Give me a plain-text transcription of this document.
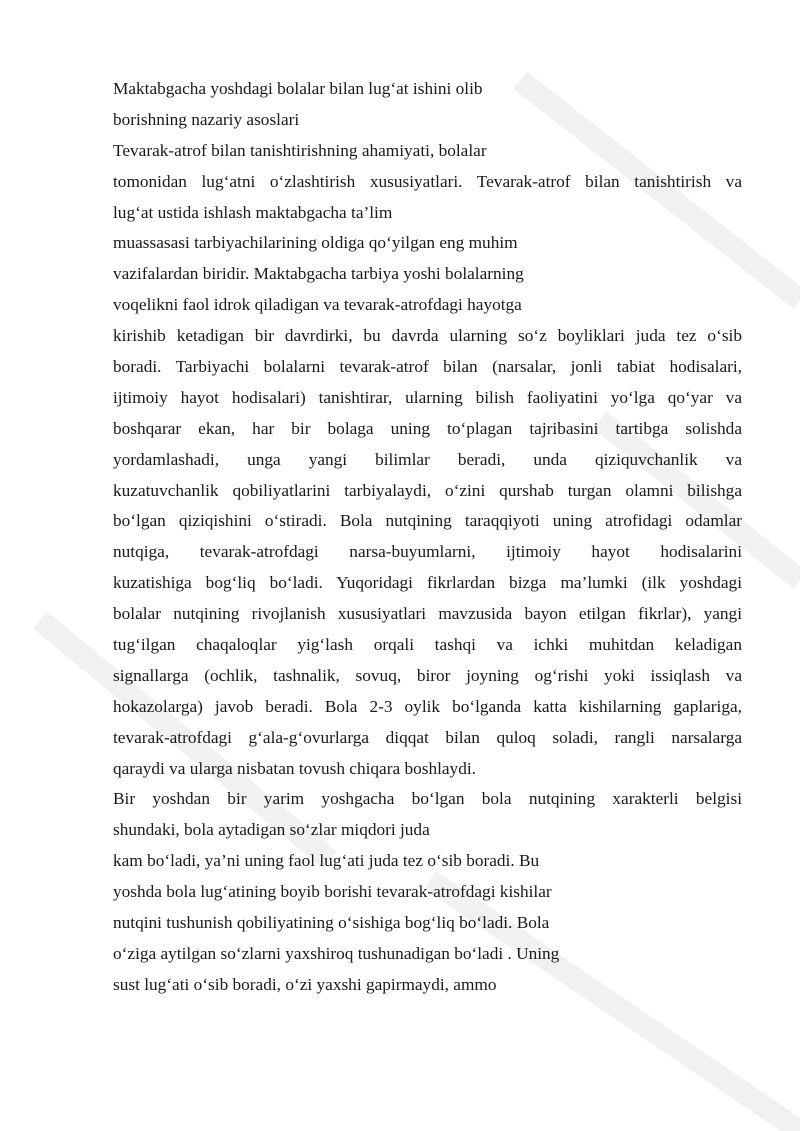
Maktabgacha yoshdagi bolalar bilan lug‘at ishini olib
borishning nazariy asoslari
Tevarak-atrof bilan tanishtirishning ahamiyati, bolalar
tomonidan lug‘atni o‘zlashtirish xususiyatlari. Tevarak-atrof bilan tanishtirish va
lug‘at ustida ishlash maktabgacha ta’lim
muassasasi tarbiyachilarining oldiga qo‘yilgan eng muhim
vazifalardan biridir. Maktabgacha tarbiya yoshi bolalarning
voqelikni faol idrok qiladigan va tevarak-atrofdagi hayotga
kirishib ketadigan bir davrdirki, bu davrda ularning so‘z boyliklari juda tez o‘sib
boradi. Tarbiyachi bolalarni tevarak-atrof bilan (narsalar, jonli tabiat hodisalari,
ijtimoiy hayot hodisalari) tanishtirar, ularning bilish faoliyatini yo‘lga qo‘yar va
boshqarar ekan, har bir bolaga uning to‘plagan tajribasini tartibga solishda
yordamlashadi, unga yangi bilimlar beradi, unda qiziquvchanlik va
kuzatuvchanlik qobiliyatlarini tarbiyalaydi, o‘zini qurshab turgan olamni bilishga
bo‘lgan qiziqishini o‘stiradi. Bola nutqining taraqqiyoti uning atrofidagi odamlar
nutqiga, tevarak-atrofdagi narsa-buyumlarni, ijtimoiy hayot hodisalarini
kuzatishiga bog‘liq bo‘ladi. Yuqoridagi fikrlardan bizga ma’lumki (ilk yoshdagi
bolalar nutqining rivojlanish xususiyatlari mavzusida bayon etilgan fikrlar), yangi
tug‘ilgan chaqaloqlar yig‘lash orqali tashqi va ichki muhitdan keladigan
signallarga (ochlik, tashnalik, sovuq, biror joyning og‘rishi yoki issiqlash va
hokazolarga) javob beradi. Bola 2-3 oylik bo‘lganda katta kishilarning gaplariga,
tevarak-atrofdagi g‘ala-g‘ovurlarga diqqat bilan quloq soladi, rangli narsalarga
qaraydi va ularga nisbatan tovush chiqara boshlaydi.
Bir yoshdan bir yarim yoshgacha bo‘lgan bola nutqining xarakterli belgisi
shundaki, bola aytadigan so‘zlar miqdori juda
kam bo‘ladi, ya’ni uning faol lug‘ati juda tez o‘sib boradi. Bu
yoshda bola lug‘atining boyib borishi tevarak-atrofdagi kishilar
nutqini tushunish qobiliyatining o‘sishiga bog‘liq bo‘ladi. Bola
o‘ziga aytilgan so‘zlarni yaxshiroq tushunadigan bo‘ladi . Uning
sust lug‘ati o‘sib boradi, o‘zi yaxshi gapirmaydi, ammo
